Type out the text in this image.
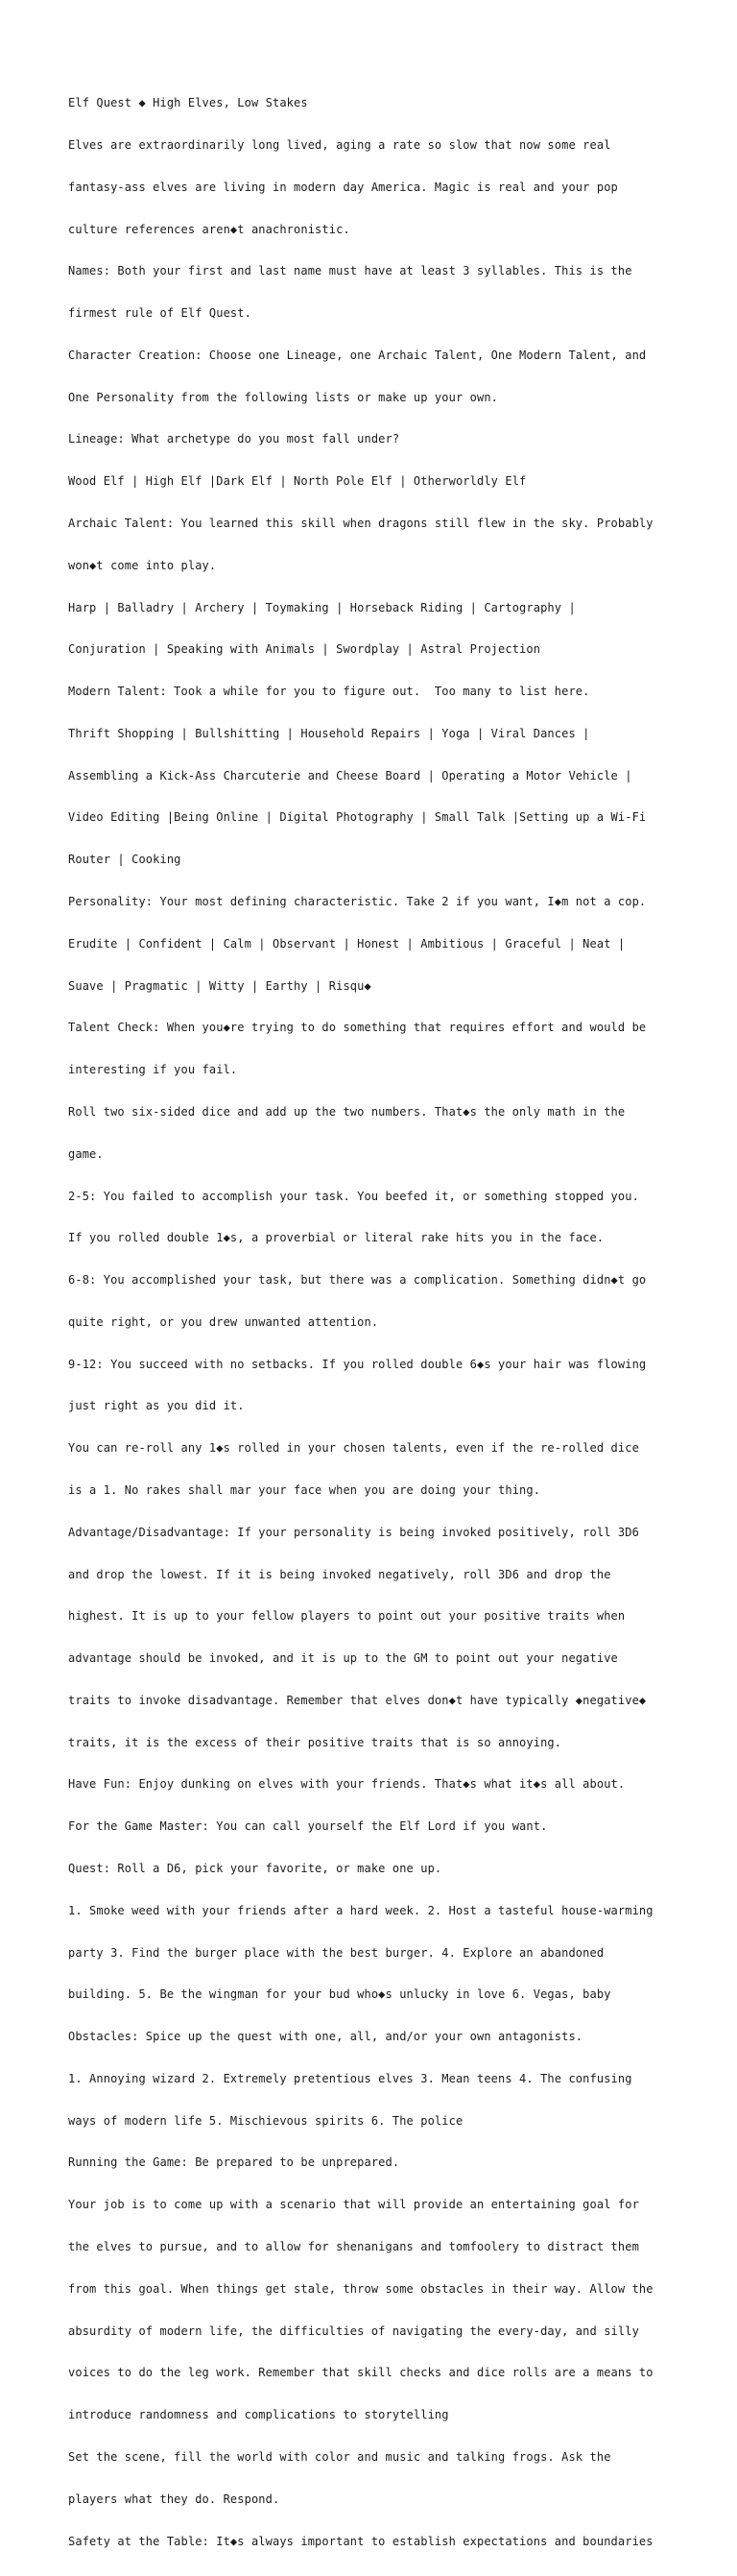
Elf Quest ◆ High Elves, Low Stakes

Elves are extraordinarily long lived, aging a rate so slow that now some real

fantasy-ass elves are living in modern day America. Magic is real and your pop

culture references aren◆t anachronistic.

Names: Both your first and last name must have at least 3 syllables. This is the

firmest rule of Elf Quest.

Character Creation: Choose one Lineage, one Archaic Talent, One Modern Talent, and

One Personality from the following lists or make up your own.

Lineage: What archetype do you most fall under?

Wood Elf | High Elf |Dark Elf | North Pole Elf | Otherworldly Elf

Archaic Talent: You learned this skill when dragons still flew in the sky. Probably

won◆t come into play.

Harp | Balladry | Archery | Toymaking | Horseback Riding | Cartography |

Conjuration | Speaking with Animals | Swordplay | Astral Projection

Modern Talent: Took a while for you to figure out.  Too many to list here.

Thrift Shopping | Bullshitting | Household Repairs | Yoga | Viral Dances |

Assembling a Kick-Ass Charcuterie and Cheese Board | Operating a Motor Vehicle |

Video Editing |Being Online | Digital Photography | Small Talk |Setting up a Wi-Fi

Router | Cooking

Personality: Your most defining characteristic. Take 2 if you want, I◆m not a cop.

Erudite | Confident | Calm | Observant | Honest | Ambitious | Graceful | Neat |

Suave | Pragmatic | Witty | Earthy | Risqu◆

Talent Check: When you◆re trying to do something that requires effort and would be

interesting if you fail.

Roll two six-sided dice and add up the two numbers. That◆s the only math in the

game.

2-5: You failed to accomplish your task. You beefed it, or something stopped you.

If you rolled double 1◆s, a proverbial or literal rake hits you in the face.

6-8: You accomplished your task, but there was a complication. Something didn◆t go

quite right, or you drew unwanted attention.

9-12: You succeed with no setbacks. If you rolled double 6◆s your hair was flowing

just right as you did it.

You can re-roll any 1◆s rolled in your chosen talents, even if the re-rolled dice

is a 1. No rakes shall mar your face when you are doing your thing.

Advantage/Disadvantage: If your personality is being invoked positively, roll 3D6

and drop the lowest. If it is being invoked negatively, roll 3D6 and drop the

highest. It is up to your fellow players to point out your positive traits when

advantage should be invoked, and it is up to the GM to point out your negative

traits to invoke disadvantage. Remember that elves don◆t have typically ◆negative◆

traits, it is the excess of their positive traits that is so annoying.

Have Fun: Enjoy dunking on elves with your friends. That◆s what it◆s all about.

For the Game Master: You can call yourself the Elf Lord if you want.

Quest: Roll a D6, pick your favorite, or make one up.

1. Smoke weed with your friends after a hard week. 2. Host a tasteful house-warming

party 3. Find the burger place with the best burger. 4. Explore an abandoned

building. 5. Be the wingman for your bud who◆s unlucky in love 6. Vegas, baby

Obstacles: Spice up the quest with one, all, and/or your own antagonists.

1. Annoying wizard 2. Extremely pretentious elves 3. Mean teens 4. The confusing

ways of modern life 5. Mischievous spirits 6. The police

Running the Game: Be prepared to be unprepared.

Your job is to come up with a scenario that will provide an entertaining goal for

the elves to pursue, and to allow for shenanigans and tomfoolery to distract them

from this goal. When things get stale, throw some obstacles in their way. Allow the

absurdity of modern life, the difficulties of navigating the every-day, and silly

voices to do the leg work. Remember that skill checks and dice rolls are a means to

introduce randomness and complications to storytelling

Set the scene, fill the world with color and music and talking frogs. Ask the

players what they do. Respond.

Safety at the Table: It◆s always important to establish expectations and boundaries
